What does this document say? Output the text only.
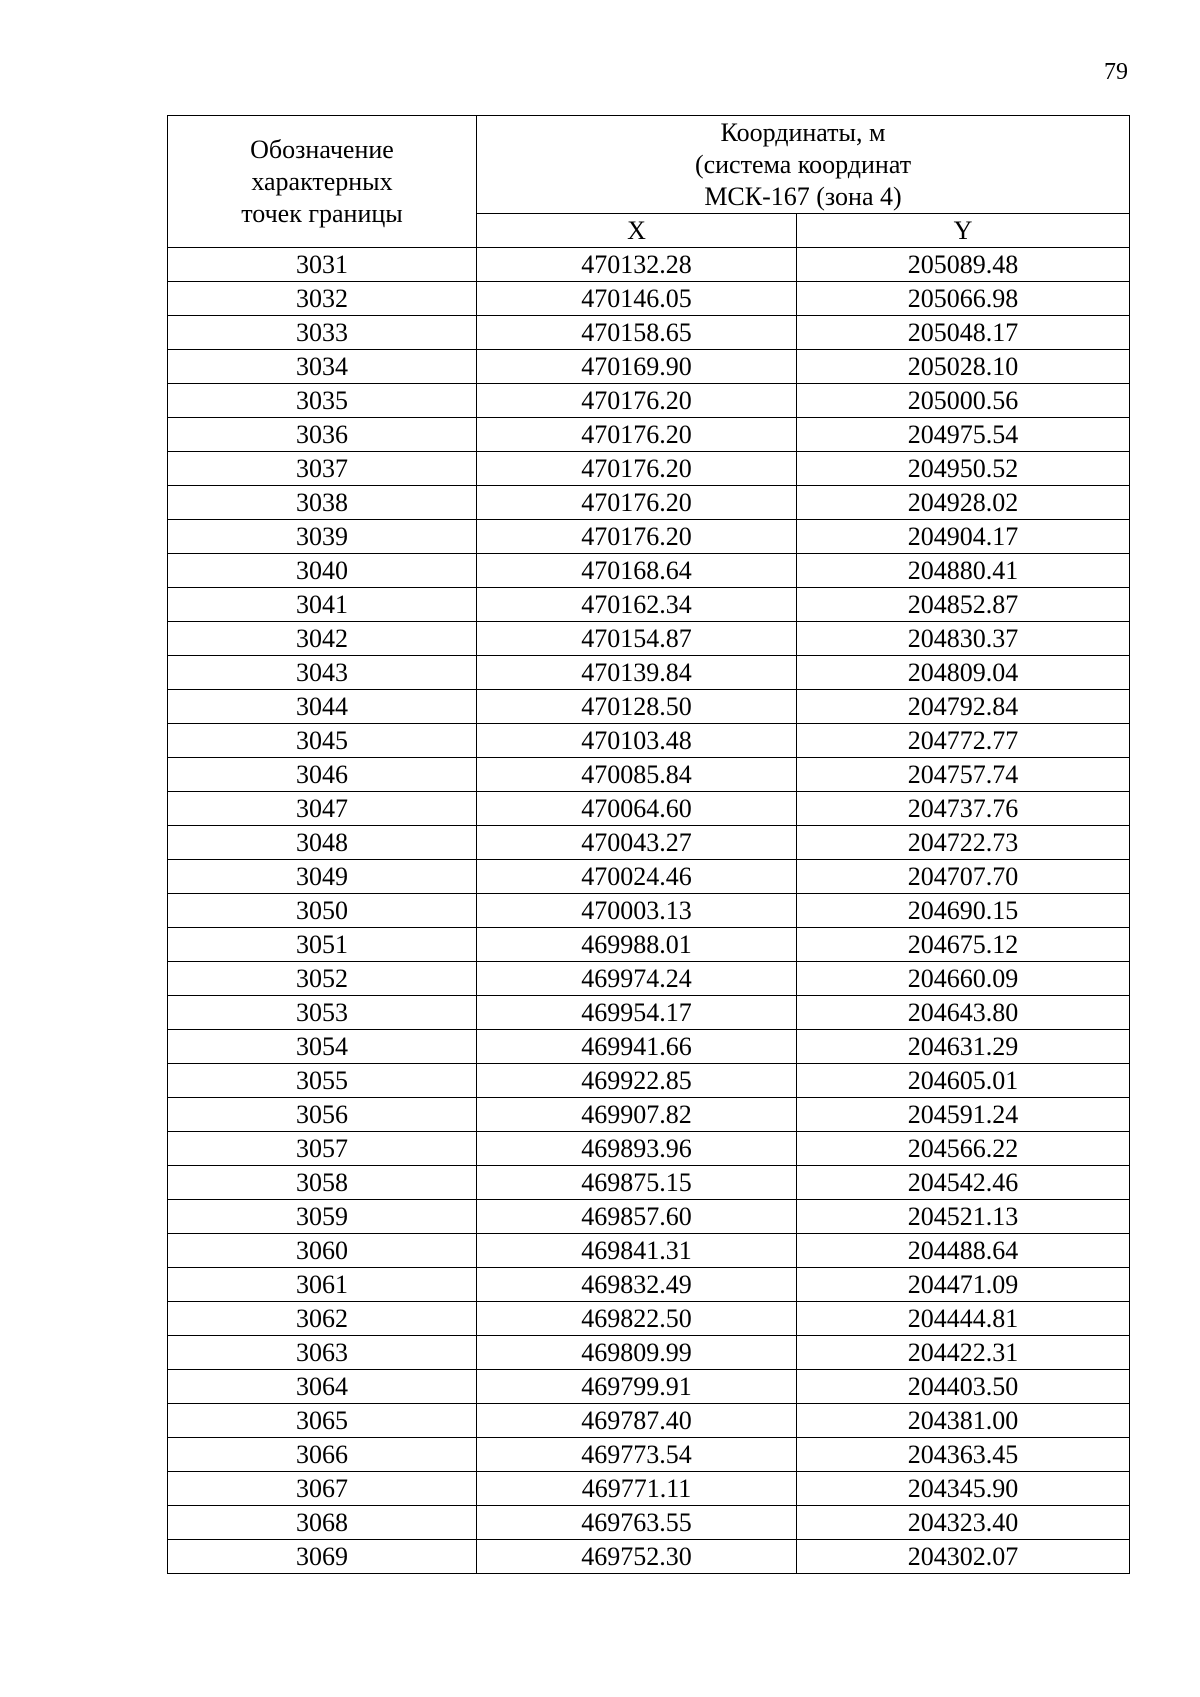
79
Обозначение
характерных
точек границы	Координаты, м
(система координат
МСК-167 (зона 4)	

	X	Y
3031	470132.28	205089.48
3032	470146.05	205066.98
3033	470158.65	205048.17
3034	470169.90	205028.10
3035	470176.20	205000.56
3036	470176.20	204975.54
3037	470176.20	204950.52
3038	470176.20	204928.02
3039	470176.20	204904.17
3040	470168.64	204880.41
3041	470162.34	204852.87
3042	470154.87	204830.37
3043	470139.84	204809.04
3044	470128.50	204792.84
3045	470103.48	204772.77
3046	470085.84	204757.74
3047	470064.60	204737.76
3048	470043.27	204722.73
3049	470024.46	204707.70
3050	470003.13	204690.15
3051	469988.01	204675.12
3052	469974.24	204660.09
3053	469954.17	204643.80
3054	469941.66	204631.29
3055	469922.85	204605.01
3056	469907.82	204591.24
3057	469893.96	204566.22
3058	469875.15	204542.46
3059	469857.60	204521.13
3060	469841.31	204488.64
3061	469832.49	204471.09
3062	469822.50	204444.81
3063	469809.99	204422.31
3064	469799.91	204403.50
3065	469787.40	204381.00
3066	469773.54	204363.45
3067	469771.11	204345.90
3068	469763.55	204323.40
3069	469752.30	204302.07
